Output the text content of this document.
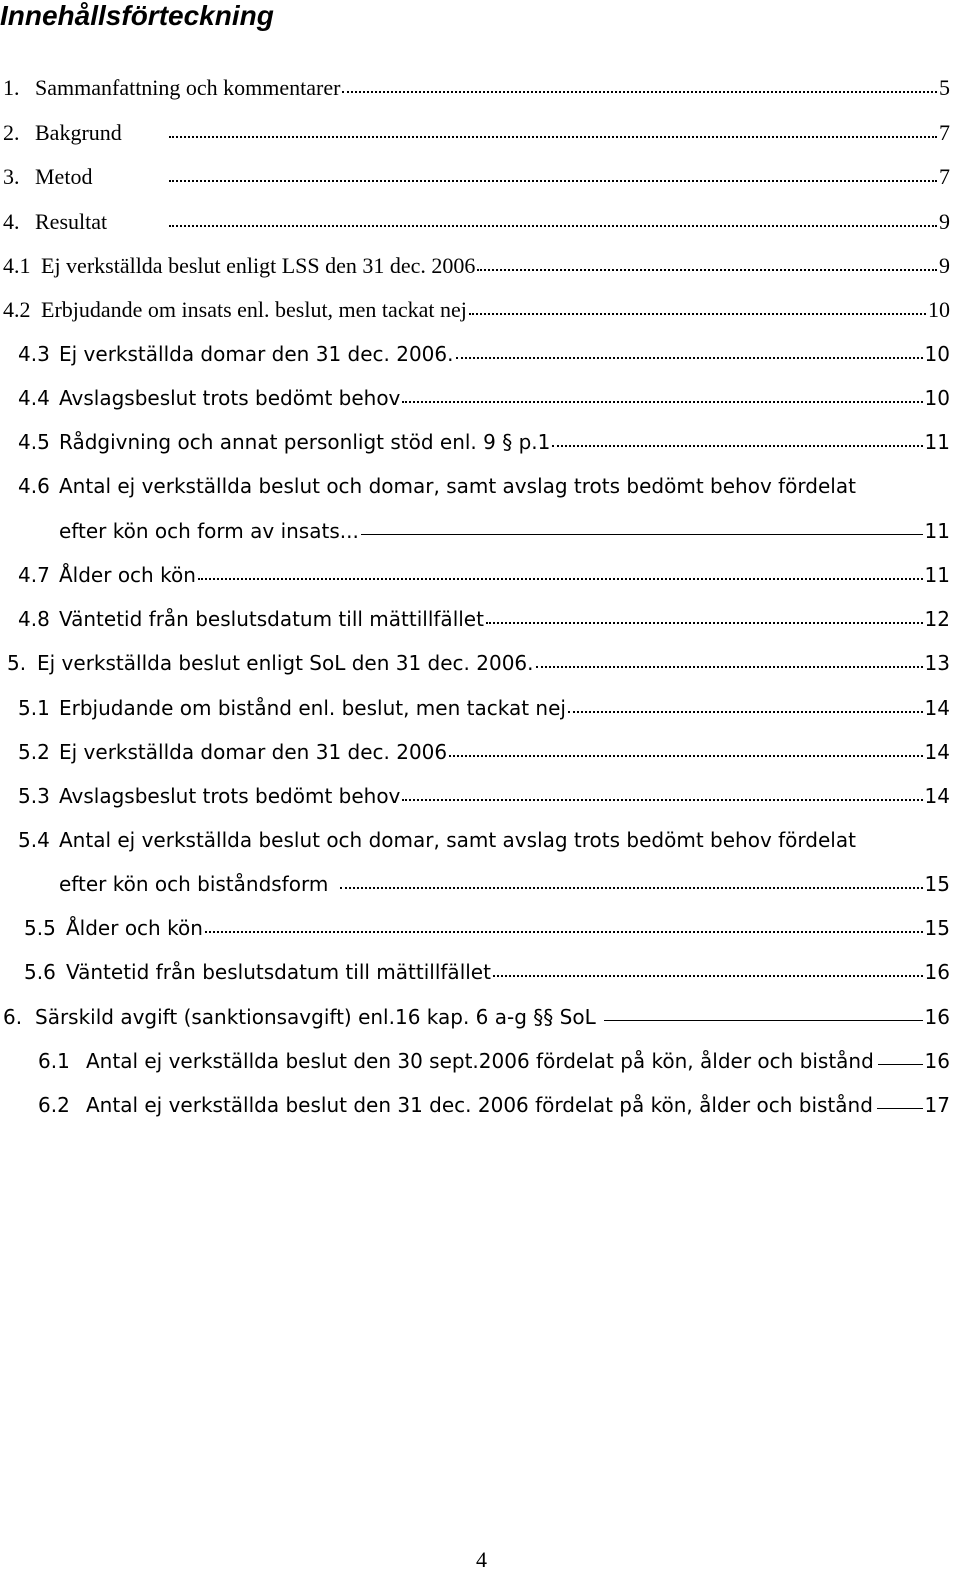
Innehållsförteckning
1. Sammanfattning och kommentarer	5
2. Bakgrund	7
3. Metod	7
4. Resultat	9
4.1 Ej verkställda beslut enligt LSS den 31 dec. 2006	9
4.2 Erbjudande om insats enl. beslut, men tackat nej	10
4.3 Ej verkställda domar den 31 dec. 2006.	10
4.4 Avslagsbeslut trots bedömt behov	10
4.5 Rådgivning och annat personligt stöd enl. 9 § p.1	11
4.6 Antal ej verkställda beslut och domar, samt avslag trots bedömt behov fördelat
efter kön och form av insats...	11
4.7 Ålder och kön	11
4.8 Väntetid från beslutsdatum till mättillfället	12
5. Ej verkställda beslut enligt SoL den 31 dec. 2006.	13
5.1 Erbjudande om bistånd enl. beslut, men tackat nej	14
5.2 Ej verkställda domar den 31 dec. 2006	14
5.3 Avslagsbeslut trots bedömt behov	14
5.4 Antal ej verkställda beslut och domar, samt avslag trots bedömt behov fördelat
efter kön och biståndsform	15
5.5 Ålder och kön	15
5.6 Väntetid från beslutsdatum till mättillfället	16
6. Särskild avgift (sanktionsavgift) enl.16 kap. 6 a-g §§ SoL	16
6.1 Antal ej verkställda beslut den 30 sept.2006 fördelat på kön, ålder och bistånd	16
6.2 Antal ej verkställda beslut den 31 dec. 2006 fördelat på kön, ålder och bistånd	17
4
